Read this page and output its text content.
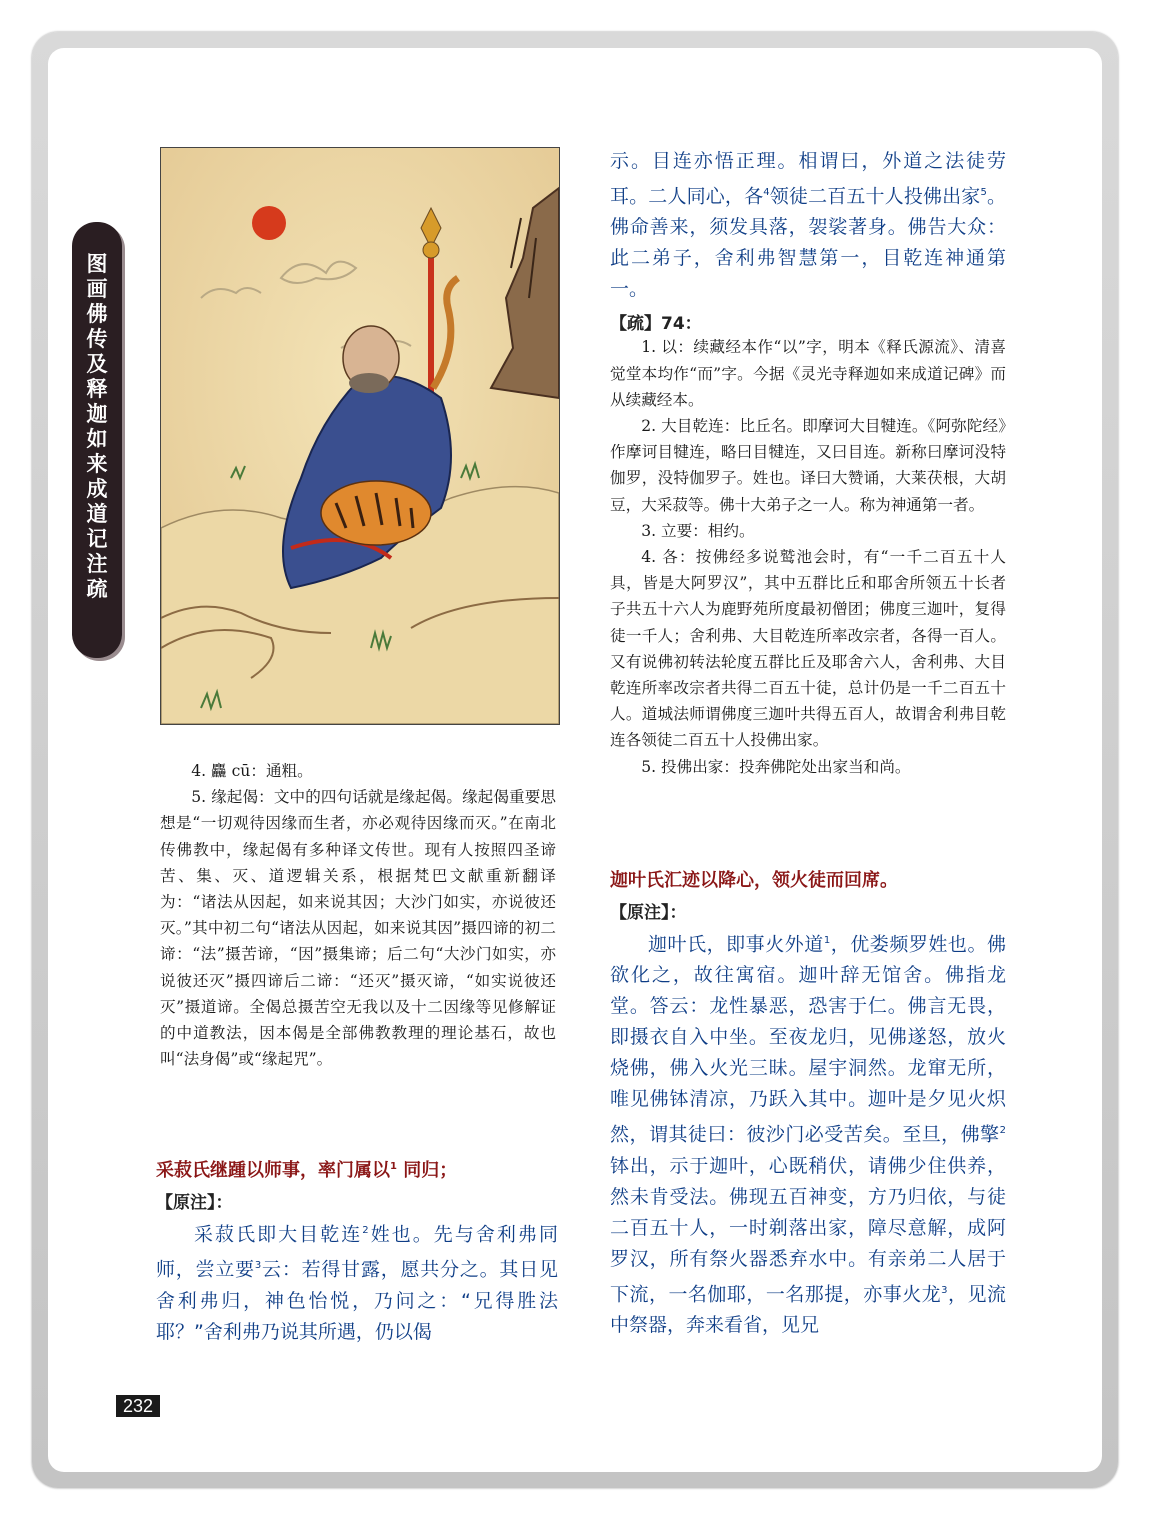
图
画
佛
传
及
释
迦
如
来
成
道
记
注
疏

4. 麤 cū：通粗。

5. 缘起偈：文中的四句话就是缘起偈。缘起偈重要思想是“一切观待因缘而生者，亦必观待因缘而灭。”在南北传佛教中，缘起偈有多种译文传世。现有人按照四圣谛苦、集、灭、道逻辑关系，根据梵巴文献重新翻译为：“诸法从因起，如来说其因；大沙门如实，亦说彼还灭。”其中初二句“诸法从因起，如来说其因”摄四谛的初二谛：“法”摄苦谛，“因”摄集谛；后二句“大沙门如实，亦说彼还灭”摄四谛后二谛：“还灭”摄灭谛，“如实说彼还灭”摄道谛。全偈总摄苦空无我以及十二因缘等见修解证的中道教法，因本偈是全部佛教教理的理论基石，故也叫“法身偈”或“缘起咒”。

采菽氏继踵以师事，率门属以$^1$ 同归；
【原注】：

采菽氏即大目乾连$^2$姓也。先与舍利弗同师，尝立要$^3$云：若得甘露，愿共分之。其日见舍利弗归，神色怡悦，乃问之：“兄得胜法耶？”舍利弗乃说其所遇，仍以偈

示。目连亦悟正理。相谓曰，外道之法徒劳耳。二人同心，各$^4$领徒二百五十人投佛出家$^5$。佛命善来，须发具落，袈裟著身。佛告大众：此二弟子，舍利弗智慧第一，目乾连神通第一。

【疏】74：

1. 以：续藏经本作“以”字，明本《释氏源流》、清喜觉堂本均作“而”字。今据《灵光寺释迦如来成道记碑》而从续藏经本。

2. 大目乾连：比丘名。即摩诃大目犍连。《阿弥陀经》作摩诃目犍连，略曰目犍连，又曰目连。新称曰摩诃没特伽罗，没特伽罗子。姓也。译曰大赞诵，大莱茯根，大胡豆，大采菽等。佛十大弟子之一人。称为神通第一者。

3. 立要：相约。

4. 各：按佛经多说鹫池会时，有“一千二百五十人具，皆是大阿罗汉”，其中五群比丘和耶舍所领五十长者子共五十六人为鹿野苑所度最初僧团；佛度三迦叶，复得徒一千人；舍利弗、大目乾连所率改宗者，各得一百人。又有说佛初转法轮度五群比丘及耶舍六人，舍利弗、大目乾连所率改宗者共得二百五十徒，总计仍是一千二百五十人。道城法师谓佛度三迦叶共得五百人，故谓舍利弗目乾连各领徒二百五十人投佛出家。

5. 投佛出家：投奔佛陀处出家当和尚。

迦叶氏汇迹以降心，领火徒而回席。
【原注】：

迦叶氏，即事火外道$^1$，优娄频罗姓也。佛欲化之，故往寓宿。迦叶辞无馆舍。佛指龙堂。答云：龙性暴恶，恐害于仁。佛言无畏，即摄衣自入中坐。至夜龙归，见佛遂怒，放火烧佛，佛入火光三昧。屋宇洞然。龙窜无所，唯见佛钵清凉，乃跃入其中。迦叶是夕见火炽然，谓其徒曰：彼沙门必受苦矣。至旦，佛擎$^2$钵出，示于迦叶，心既稍伏，请佛少住供养，然未肯受法。佛现五百神变，方乃归依，与徒二百五十人，一时剃落出家，障尽意解，成阿罗汉，所有祭火器悉弃水中。有亲弟二人居于下流，一名伽耶，一名那提，亦事火龙$^3$，见流中祭器，奔来看省，见兄

232
